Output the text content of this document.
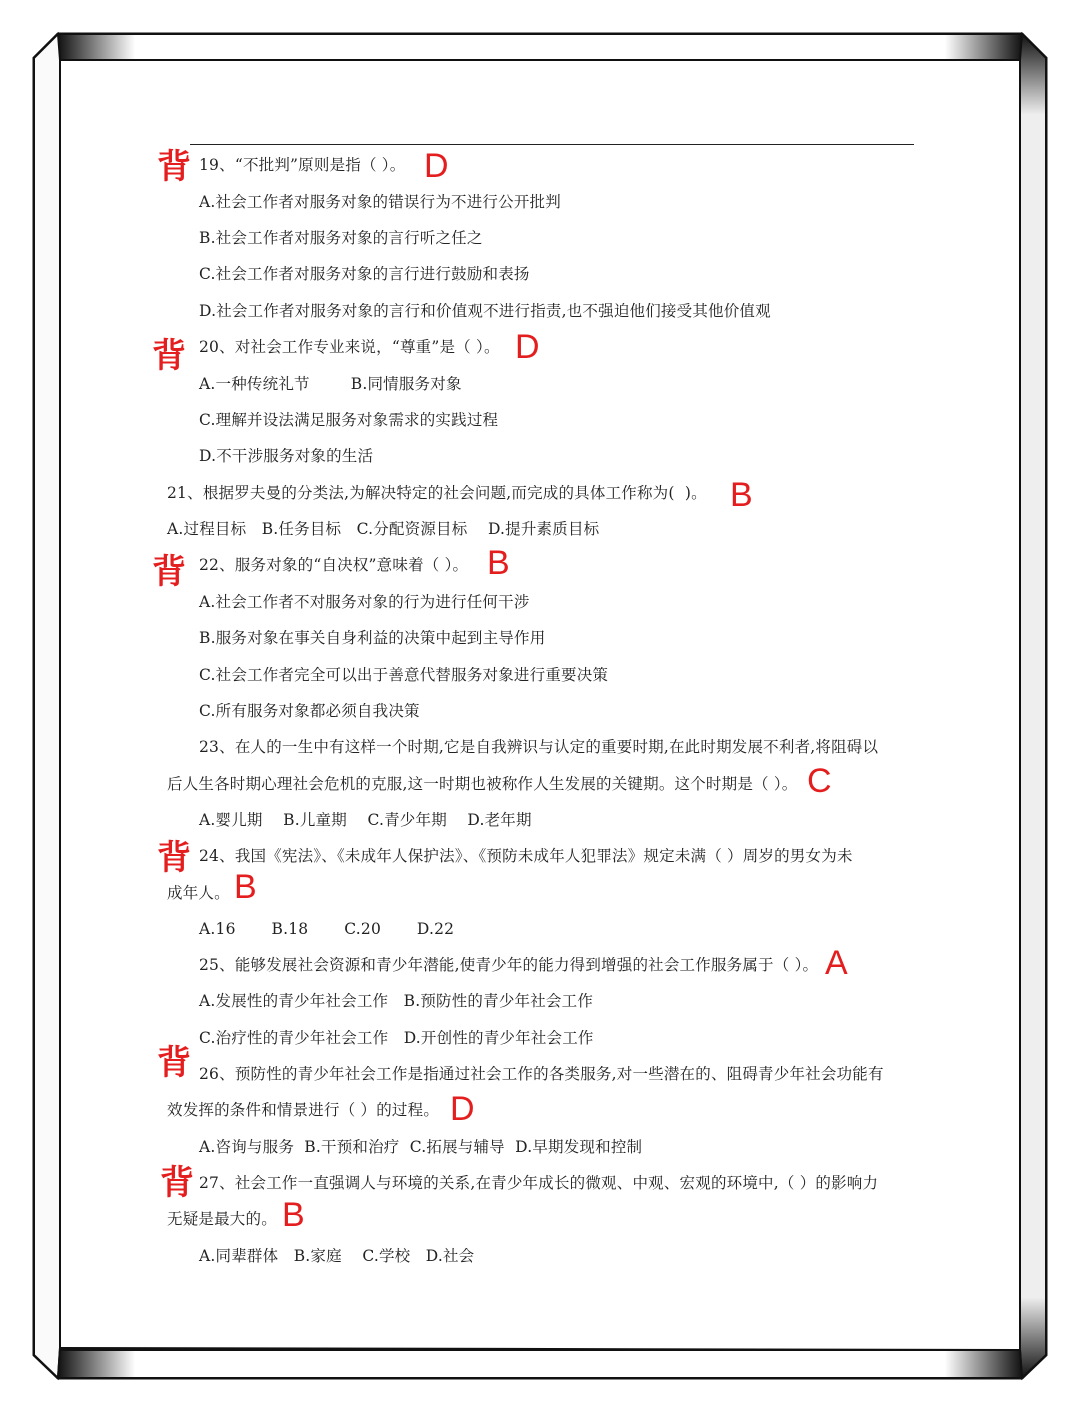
背 19、“不批判”原则是指（ ）。 D
A.社会工作者对服务对象的错误行为不进行公开批判
B.社会工作者对服务对象的言行听之任之
C.社会工作者对服务对象的言行进行鼓励和表扬
D.社会工作者对服务对象的言行和价值观不进行指责,也不强迫他们接受其他价值观
背 20、对社会工作专业来说，“尊重”是（ ）。 D
A.一种传统礼节        B.同情服务对象
C.理解并设法满足服务对象需求的实践过程
D.不干涉服务对象的生活
21、根据罗夫曼的分类法,为解决特定的社会问题,而完成的具体工作称为(  )。 B
A.过程目标   B.任务目标   C.分配资源目标    D.提升素质目标
背 22、服务对象的“自决权”意味着（ ）。 B
A.社会工作者不对服务对象的行为进行任何干涉
B.服务对象在事关自身利益的决策中起到主导作用
C.社会工作者完全可以出于善意代替服务对象进行重要决策
C.所有服务对象都必须自我决策
23、在人的一生中有这样一个时期,它是自我辨识与认定的重要时期,在此时期发展不利者,将阻碍以
后人生各时期心理社会危机的克服,这一时期也被称作人生发展的关键期。这个时期是（ ）。 C
A.婴儿期    B.儿童期    C.青少年期    D.老年期
背 24、我国《宪法》、《未成年人保护法》、《预防未成年人犯罪法》规定未满（ ）周岁的男女为未
成年人。 B
A.16       B.18       C.20       D.22
25、能够发展社会资源和青少年潜能,使青少年的能力得到增强的社会工作服务属于（ ）。 A
A.发展性的青少年社会工作   B.预防性的青少年社会工作
C.治疗性的青少年社会工作   D.开创性的青少年社会工作
背 26、预防性的青少年社会工作是指通过社会工作的各类服务,对一些潜在的、阻碍青少年社会功能有
效发挥的条件和情景进行（ ）的过程。 D
A.咨询与服务  B.干预和治疗  C.拓展与辅导  D.早期发现和控制
背 27、社会工作一直强调人与环境的关系,在青少年成长的微观、中观、宏观的环境中,（ ）的影响力
无疑是最大的。 B
A.同辈群体   B.家庭    C.学校   D.社会
